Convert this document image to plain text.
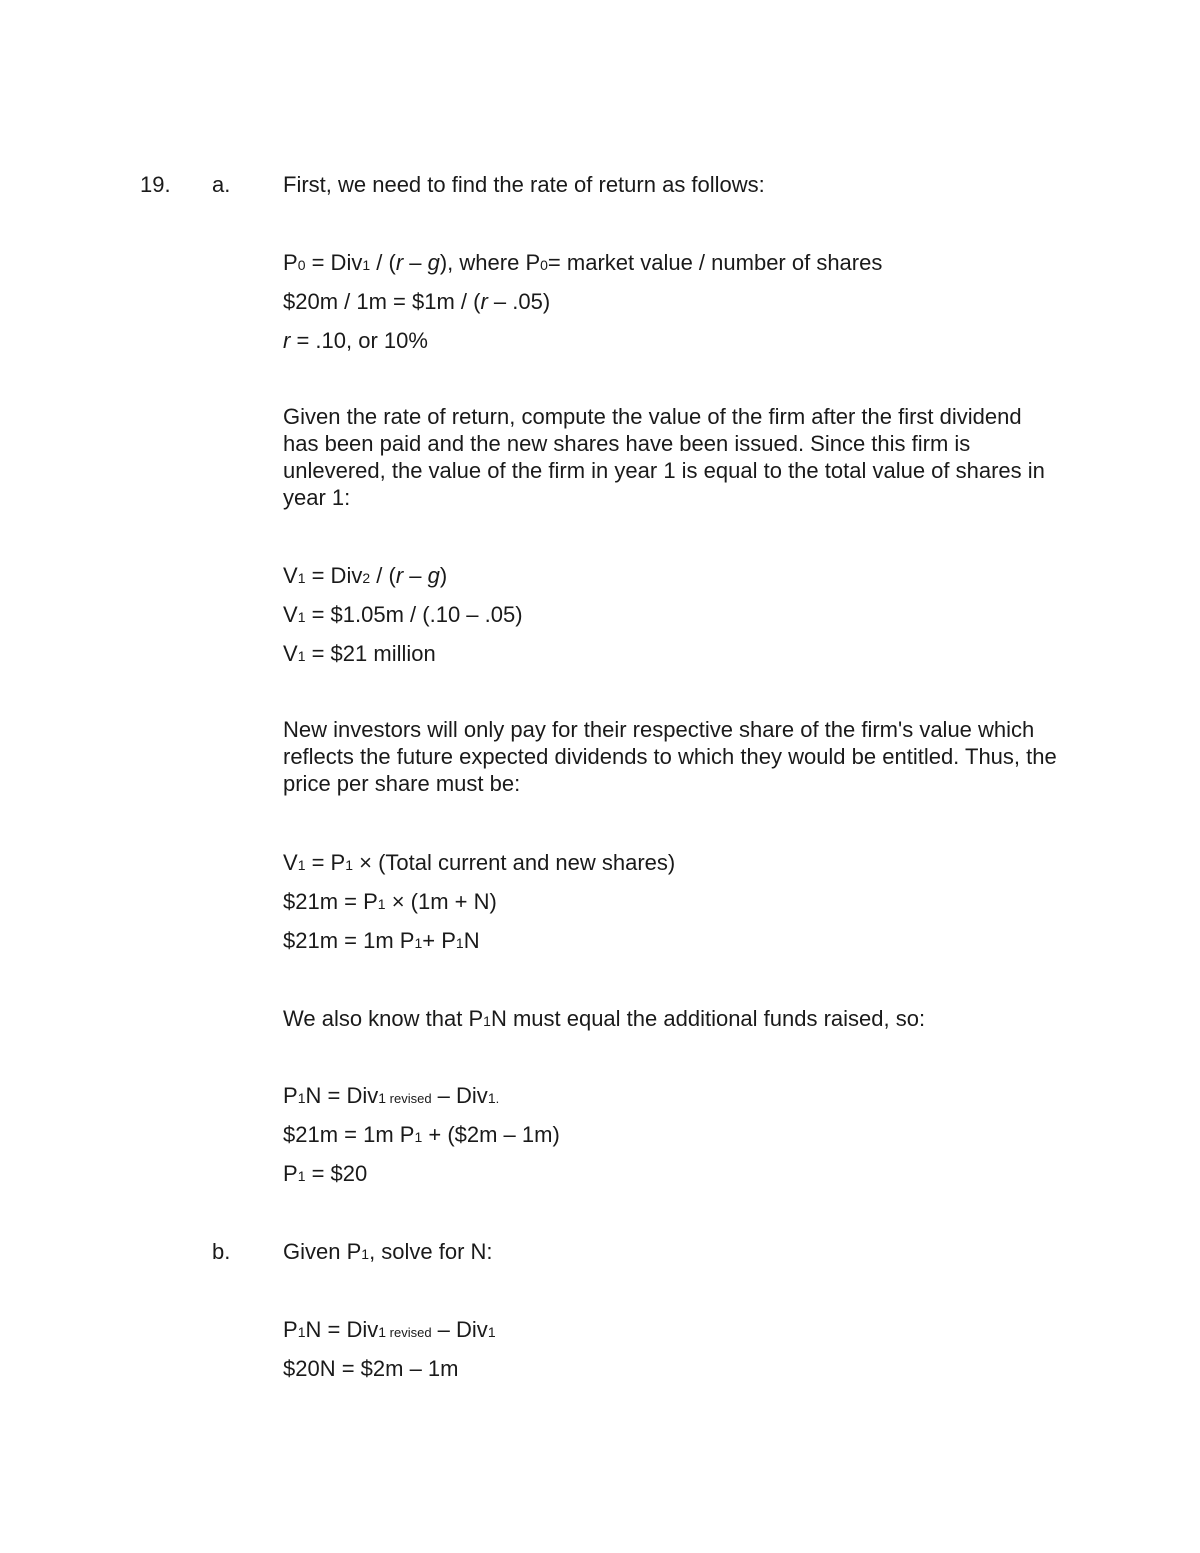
19. a. First, we need to find the rate of return as follows:
P0 = Div1 / (r – g), where P0= market value / number of shares
$20m / 1m = $1m / (r – .05)
r = .10, or 10%
Given the rate of return, compute the value of the firm after the first dividend has been paid and the new shares have been issued. Since this firm is unlevered, the value of the firm in year 1 is equal to the total value of shares in year 1:
V1 = Div2 / (r – g)
V1 = $1.05m / (.10 – .05)
V1 = $21 million
New investors will only pay for their respective share of the firm's value which reflects the future expected dividends to which they would be entitled. Thus, the price per share must be:
V1 = P1 × (Total current and new shares)
$21m = P1 × (1m + N)
$21m = 1m P1+ P1N
We also know that P1N must equal the additional funds raised, so:
P1N = Div1 revised – Div1.
$21m = 1m P1 + ($2m – 1m)
P1 = $20
b. Given P1, solve for N:
P1N = Div1 revised – Div1
$20N = $2m – 1m
